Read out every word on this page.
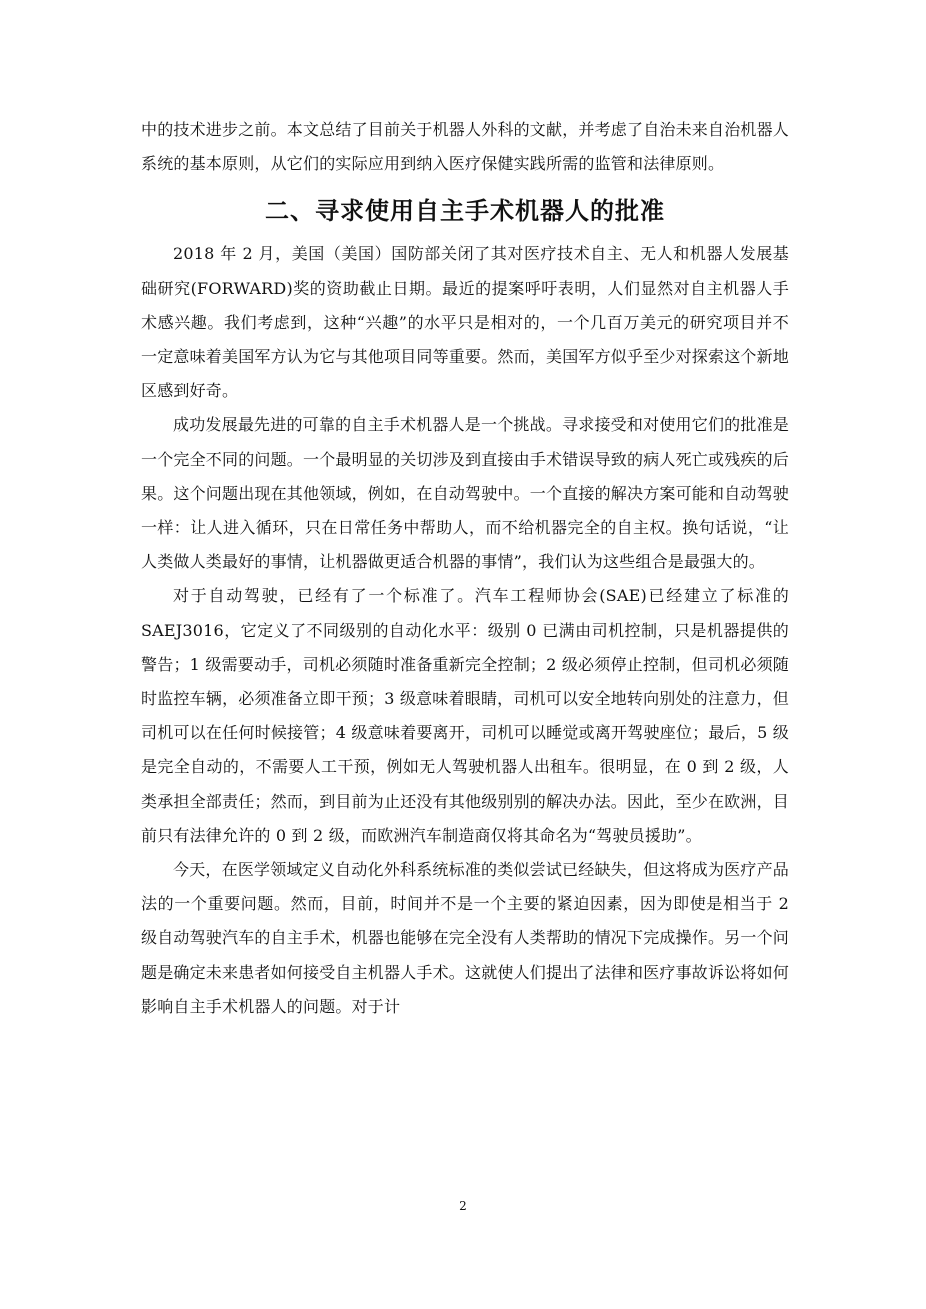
中的技术进步之前。本文总结了目前关于机器人外科的文献，并考虑了自治未来自治机器人系统的基本原则，从它们的实际应用到纳入医疗保健实践所需的监管和法律原则。

二、寻求使用自主手术机器人的批准

2018 年 2 月，美国（美国）国防部关闭了其对医疗技术自主、无人和机器人发展基础研究(FORWARD)奖的资助截止日期。最近的提案呼吁表明，人们显然对自主机器人手术感兴趣。我们考虑到，这种“兴趣”的水平只是相对的，一个几百万美元的研究项目并不一定意味着美国军方认为它与其他项目同等重要。然而，美国军方似乎至少对探索这个新地区感到好奇。

成功发展最先进的可靠的自主手术机器人是一个挑战。寻求接受和对使用它们的批准是一个完全不同的问题。一个最明显的关切涉及到直接由手术错误导致的病人死亡或残疾的后果。这个问题出现在其他领域，例如，在自动驾驶中。一个直接的解决方案可能和自动驾驶一样：让人进入循环，只在日常任务中帮助人，而不给机器完全的自主权。换句话说，“让人类做人类最好的事情，让机器做更适合机器的事情”，我们认为这些组合是最强大的。

对于自动驾驶，已经有了一个标准了。汽车工程师协会(SAE)已经建立了标准的 SAEJ3016，它定义了不同级别的自动化水平：级别 0 已满由司机控制，只是机器提供的警告；1 级需要动手，司机必须随时准备重新完全控制；2 级必须停止控制，但司机必须随时监控车辆，必须准备立即干预；3 级意味着眼睛，司机可以安全地转向别处的注意力，但司机可以在任何时候接管；4 级意味着要离开，司机可以睡觉或离开驾驶座位；最后，5 级是完全自动的，不需要人工干预，例如无人驾驶机器人出租车。很明显，在 0 到 2 级，人类承担全部责任；然而，到目前为止还没有其他级别别的解决办法。因此，至少在欧洲，目前只有法律允许的 0 到 2 级，而欧洲汽车制造商仅将其命名为“驾驶员援助”。

今天，在医学领域定义自动化外科系统标准的类似尝试已经缺失，但这将成为医疗产品法的一个重要问题。然而，目前，时间并不是一个主要的紧迫因素，因为即使是相当于 2 级自动驾驶汽车的自主手术，机器也能够在完全没有人类帮助的情况下完成操作。另一个问题是确定未来患者如何接受自主机器人手术。这就使人们提出了法律和医疗事故诉讼将如何影响自主手术机器人的问题。对于计

2
